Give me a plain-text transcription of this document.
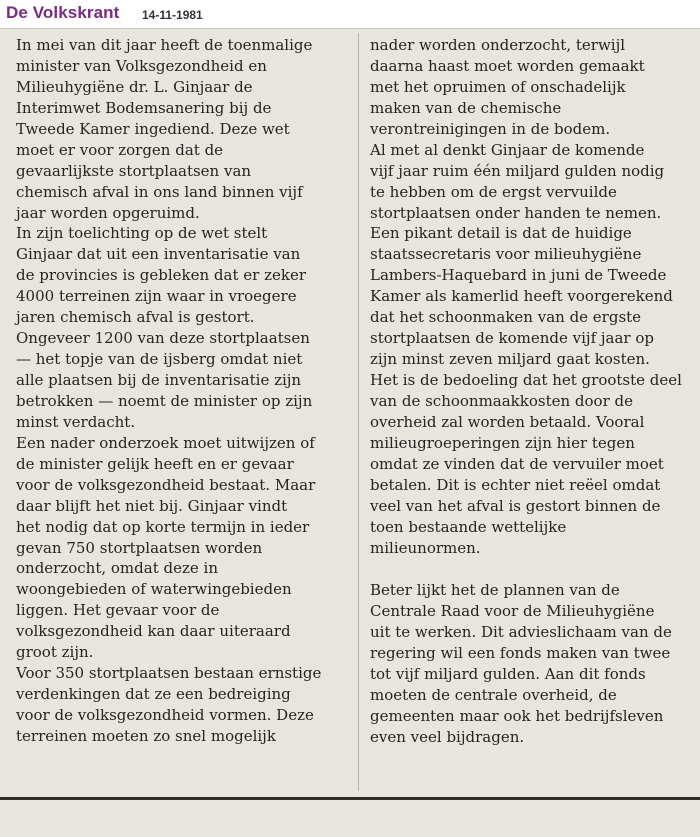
De Volkskrant 14-11-1981
In mei van dit jaar heeft de toenmalige
minister van Volksgezondheid en
Milieuhygiëne dr. L. Ginjaar de
Interimwet Bodemsanering bij de
Tweede Kamer ingediend. Deze wet
moet er voor zorgen dat de
gevaarlijkste stortplaatsen van
chemisch afval in ons land binnen vijf
jaar worden opgeruimd.
In zijn toelichting op de wet stelt
Ginjaar dat uit een inventarisatie van
de provincies is gebleken dat er zeker
4000 terreinen zijn waar in vroegere
jaren chemisch afval is gestort.
Ongeveer 1200 van deze stortplaatsen
— het topje van de ijsberg omdat niet
alle plaatsen bij de inventarisatie zijn
betrokken — noemt de minister op zijn
minst verdacht.
Een nader onderzoek moet uitwijzen of
de minister gelijk heeft en er gevaar
voor de volksgezondheid bestaat. Maar
daar blijft het niet bij. Ginjaar vindt
het nodig dat op korte termijn in ieder
gevan 750 stortplaatsen worden
onderzocht, omdat deze in
woongebieden of waterwingebieden
liggen. Het gevaar voor de
volksgezondheid kan daar uiteraard
groot zijn.
Voor 350 stortplaatsen bestaan ernstige
verdenkingen dat ze een bedreiging
voor de volksgezondheid vormen. Deze
terreinen moeten zo snel mogelijk
nader worden onderzocht, terwijl
daarna haast moet worden gemaakt
met het opruimen of onschadelijk
maken van de chemische
verontreinigingen in de bodem.
Al met al denkt Ginjaar de komende
vijf jaar ruim één miljard gulden nodig
te hebben om de ergst vervuilde
stortplaatsen onder handen te nemen.
Een pikant detail is dat de huidige
staatssecretaris voor milieuhygiëne
Lambers-Haquebard in juni de Tweede
Kamer als kamerlid heeft voorgerekend
dat het schoonmaken van de ergste
stortplaatsen de komende vijf jaar op
zijn minst zeven miljard gaat kosten.
Het is de bedoeling dat het grootste deel
van de schoonmaakkosten door de
overheid zal worden betaald. Vooral
milieugroeperingen zijn hier tegen
omdat ze vinden dat de vervuiler moet
betalen. Dit is echter niet reëel omdat
veel van het afval is gestort binnen de
toen bestaande wettelijke
milieunormen.
Beter lijkt het de plannen van de
Centrale Raad voor de Milieuhygiëne
uit te werken. Dit advieslichaam van de
regering wil een fonds maken van twee
tot vijf miljard gulden. Aan dit fonds
moeten de centrale overheid, de
gemeenten maar ook het bedrijfsleven
even veel bijdragen.
